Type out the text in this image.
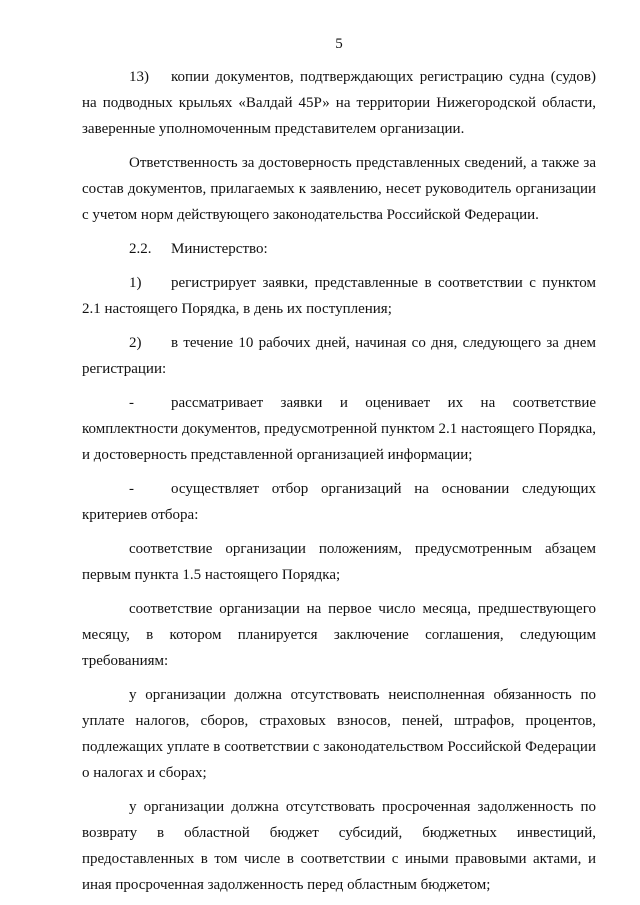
5

13) копии документов, подтверждающих регистрацию судна (судов) на подводных крыльях «Валдай 45Р» на территории Нижегородской области, заверенные уполномоченным представителем организации.

Ответственность за достоверность представленных сведений, а также за состав документов, прилагаемых к заявлению, несет руководитель организации с учетом норм действующего законодательства Российской Федерации.

2.2. Министерство:

1) регистрирует заявки, представленные в соответствии с пунктом 2.1 настоящего Порядка, в день их поступления;

2) в течение 10 рабочих дней, начиная со дня, следующего за днем регистрации:

- рассматривает заявки и оценивает их на соответствие комплектности документов, предусмотренной пунктом 2.1 настоящего Порядка, и достоверность представленной организацией информации;

- осуществляет отбор организаций на основании следующих критериев отбора:

соответствие организации положениям, предусмотренным абзацем первым пункта 1.5 настоящего Порядка;

соответствие организации на первое число месяца, предшествующего месяцу, в котором планируется заключение соглашения, следующим требованиям:

у организации должна отсутствовать неисполненная обязанность по уплате налогов, сборов, страховых взносов, пеней, штрафов, процентов, подлежащих уплате в соответствии с законодательством Российской Федерации о налогах и сборах;

у организации должна отсутствовать просроченная задолженность по возврату в областной бюджет субсидий, бюджетных инвестиций, предоставленных в том числе в соответствии с иными правовыми актами, и иная просроченная задолженность перед областным бюджетом;
